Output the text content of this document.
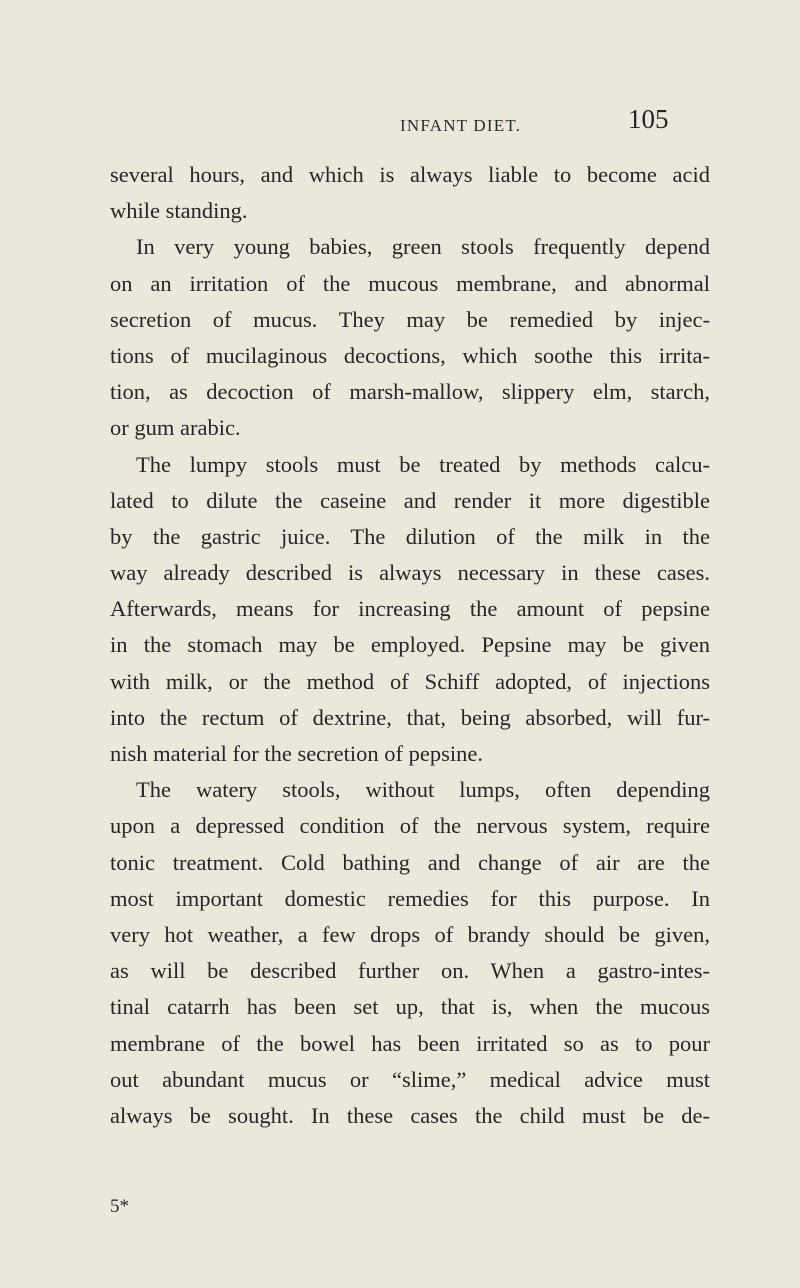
INFANT DIET.	105
several hours, and which is always liable to become acid
while standing.
In very young babies, green stools frequently depend
on an irritation of the mucous membrane, and abnormal
secretion of mucus. They may be remedied by injec-
tions of mucilaginous decoctions, which soothe this irrita-
tion, as decoction of marsh-mallow, slippery elm, starch,
or gum arabic.
The lumpy stools must be treated by methods calcu-
lated to dilute the caseine and render it more digestible
by the gastric juice. The dilution of the milk in the
way already described is always necessary in these cases.
Afterwards, means for increasing the amount of pepsine
in the stomach may be employed. Pepsine may be given
with milk, or the method of Schiff adopted, of injections
into the rectum of dextrine, that, being absorbed, will fur-
nish material for the secretion of pepsine.
The watery stools, without lumps, often depending
upon a depressed condition of the nervous system, require
tonic treatment. Cold bathing and change of air are the
most important domestic remedies for this purpose. In
very hot weather, a few drops of brandy should be given,
as will be described further on. When a gastro-intes-
tinal catarrh has been set up, that is, when the mucous
membrane of the bowel has been irritated so as to pour
out abundant mucus or “slime,” medical advice must
always be sought. In these cases the child must be de-
5*
